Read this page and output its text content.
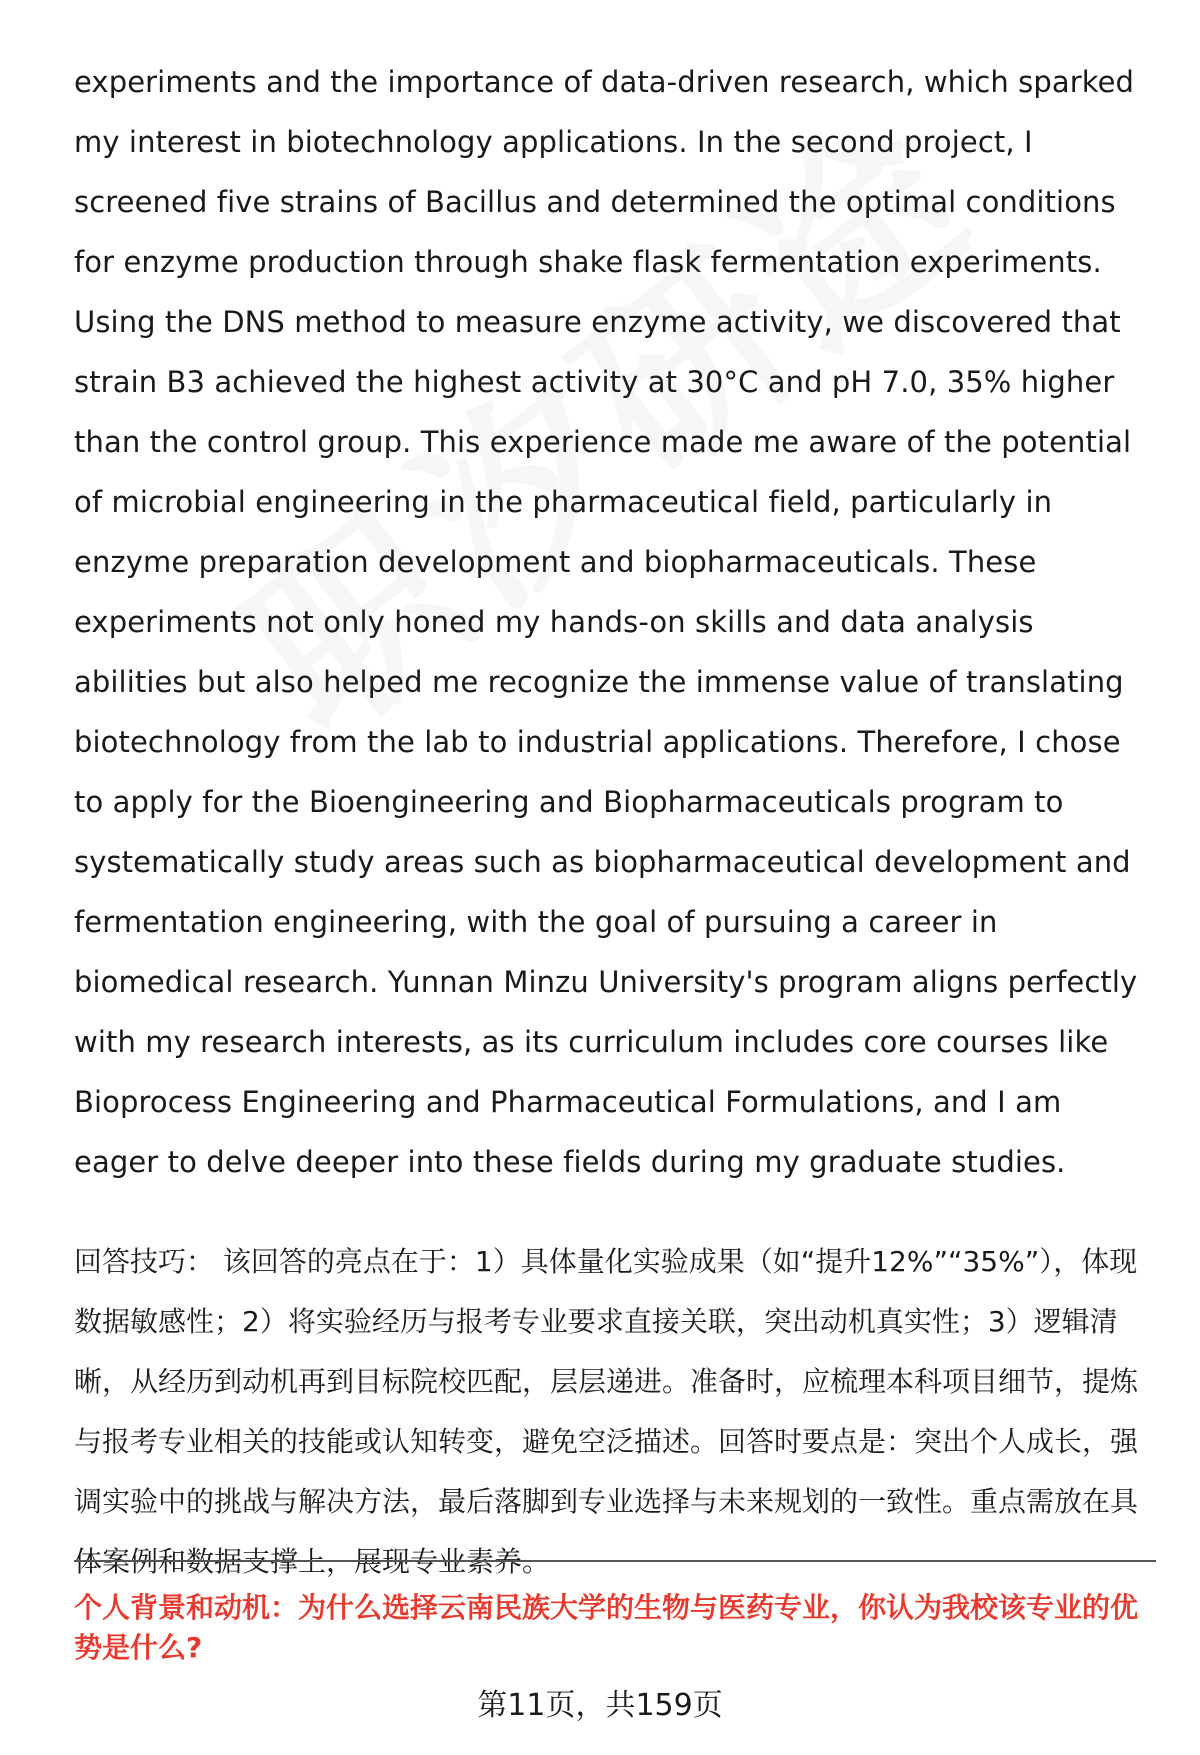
experiments and the importance of data-driven research, which sparked my interest in biotechnology applications. In the second project, I screened five strains of Bacillus and determined the optimal conditions for enzyme production through shake flask fermentation experiments. Using the DNS method to measure enzyme activity, we discovered that strain B3 achieved the highest activity at 30°C and pH 7.0, 35% higher than the control group. This experience made me aware of the potential of microbial engineering in the pharmaceutical field, particularly in enzyme preparation development and biopharmaceuticals. These experiments not only honed my hands-on skills and data analysis abilities but also helped me recognize the immense value of translating biotechnology from the lab to industrial applications. Therefore, I chose to apply for the Bioengineering and Biopharmaceuticals program to systematically study areas such as biopharmaceutical development and fermentation engineering, with the goal of pursuing a career in biomedical research. Yunnan Minzu University's program aligns perfectly with my research interests, as its curriculum includes core courses like Bioprocess Engineering and Pharmaceutical Formulations, and I am eager to delve deeper into these fields during my graduate studies.

回答技巧： 该回答的亮点在于：1）具体量化实验成果（如“提升12%”“35%”），体现数据敏感性；2）将实验经历与报考专业要求直接关联，突出动机真实性；3）逻辑清晰，从经历到动机再到目标院校匹配，层层递进。准备时，应梳理本科项目细节，提炼与报考专业相关的技能或认知转变，避免空泛描述。回答时要点是：突出个人成长，强调实验中的挑战与解决方法，最后落脚到专业选择与未来规划的一致性。重点需放在具体案例和数据支撑上，展现专业素养。

个人背景和动机：为什么选择云南民族大学的生物与医药专业，你认为我校该专业的优势是什么?

第11页，共159页
